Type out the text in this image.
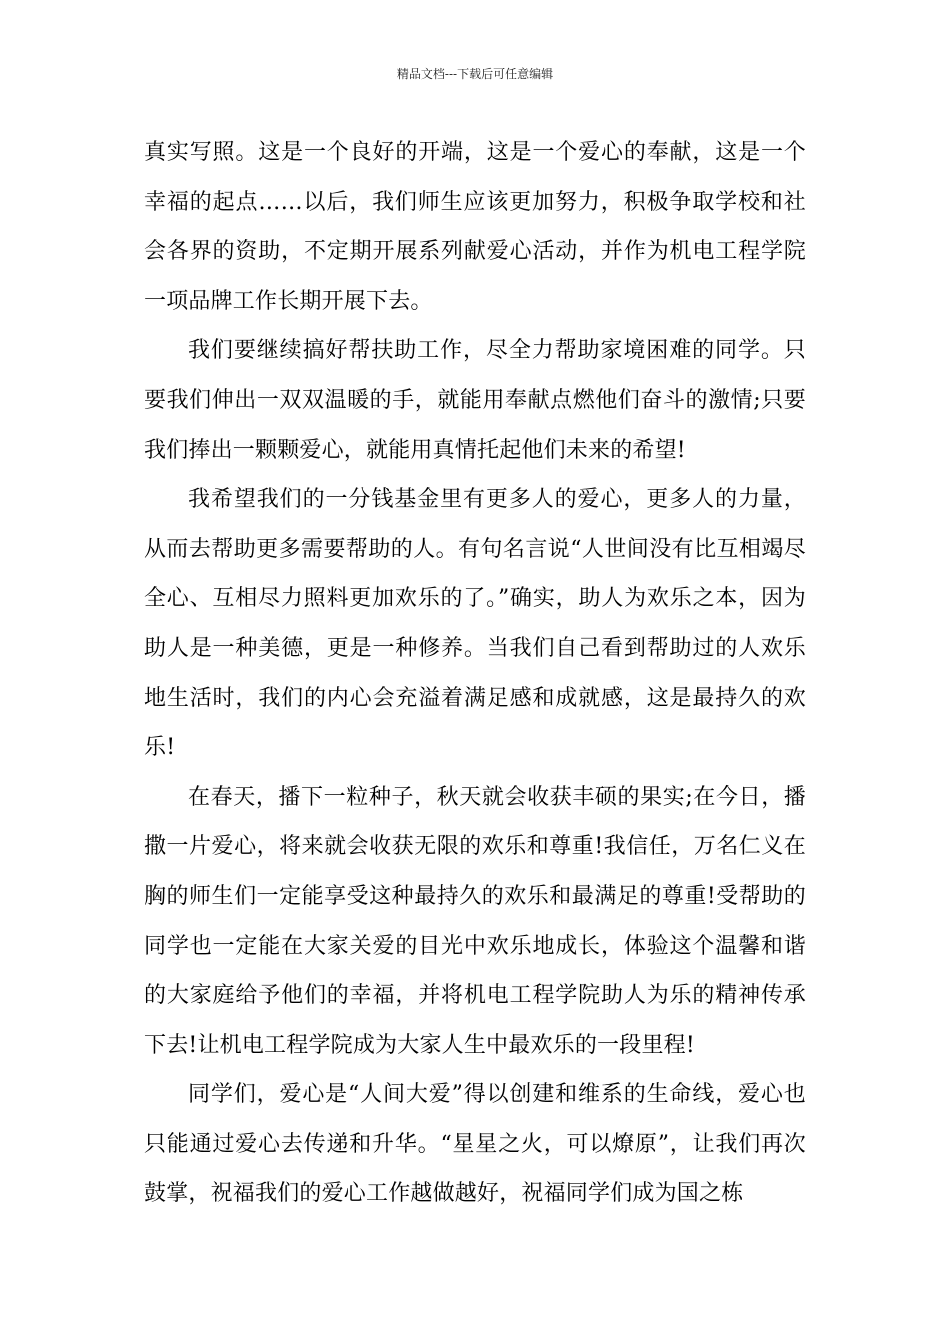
精品文档---下载后可任意编辑

真实写照。这是一个良好的开端，这是一个爱心的奉献，这是一个幸福的起点……以后，我们师生应该更加努力，积极争取学校和社会各界的资助，不定期开展系列献爱心活动，并作为机电工程学院一项品牌工作长期开展下去。

我们要继续搞好帮扶助工作，尽全力帮助家境困难的同学。只要我们伸出一双双温暖的手，就能用奉献点燃他们奋斗的激情;只要我们捧出一颗颗爱心，就能用真情托起他们未来的希望!

我希望我们的一分钱基金里有更多人的爱心，更多人的力量，从而去帮助更多需要帮助的人。有句名言说“人世间没有比互相竭尽全心、互相尽力照料更加欢乐的了。”确实，助人为欢乐之本，因为助人是一种美德，更是一种修养。当我们自己看到帮助过的人欢乐地生活时，我们的内心会充溢着满足感和成就感，这是最持久的欢乐!

在春天，播下一粒种子，秋天就会收获丰硕的果实;在今日，播撒一片爱心，将来就会收获无限的欢乐和尊重!我信任，万名仁义在胸的师生们一定能享受这种最持久的欢乐和最满足的尊重!受帮助的同学也一定能在大家关爱的目光中欢乐地成长，体验这个温馨和谐的大家庭给予他们的幸福，并将机电工程学院助人为乐的精神传承下去!让机电工程学院成为大家人生中最欢乐的一段里程!

同学们，爱心是“人间大爱”得以创建和维系的生命线，爱心也只能通过爱心去传递和升华。“星星之火，可以燎原”，让我们再次鼓掌，祝福我们的爱心工作越做越好，祝福同学们成为国之栋
